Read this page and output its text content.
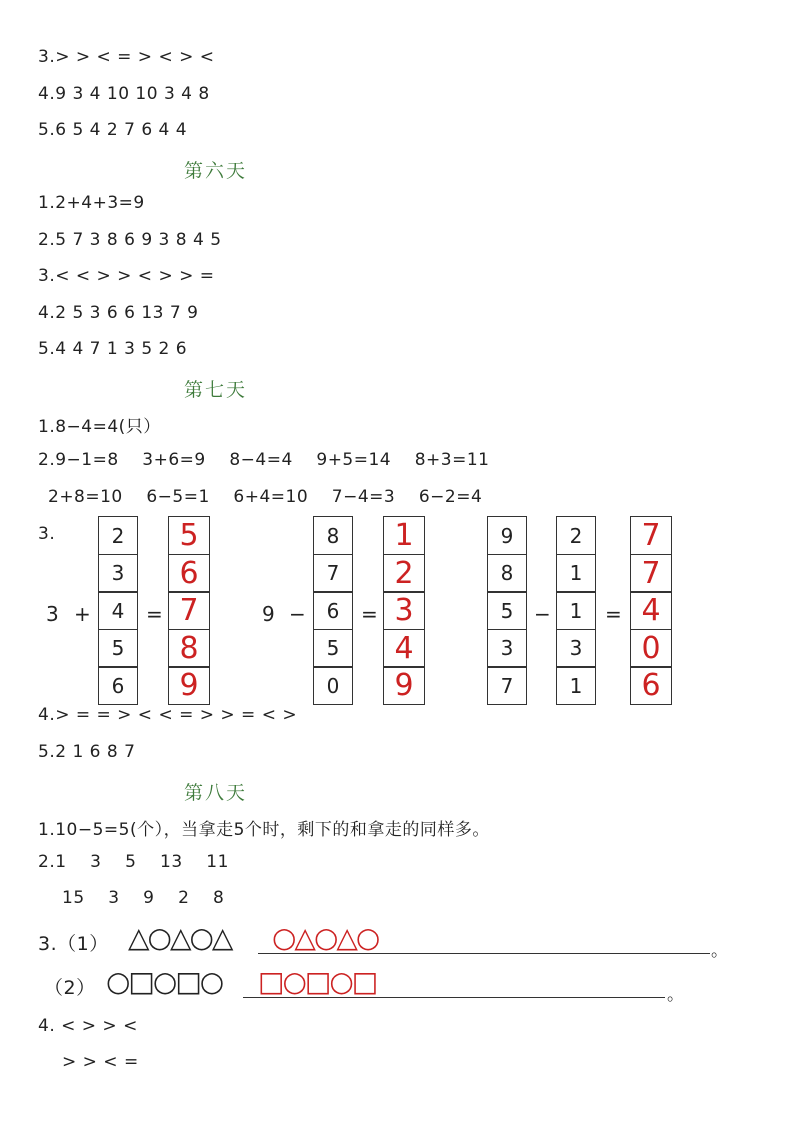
3.> > < = > < > <
4.9 3 4 10 10 3 4 8
5.6 5 4 2 7 6 4 4
第六天
1.2+4+3=9
2.5 7 3 8 6 9 3 8 4 5
3.< < > > < > > =
4.2 5 3 6 6 13 7 9
5.4 4 7 1 3 5 2 6
第七天
1.8−4=4(只）
2.9−1=8    3+6=9    8−4=4    9+5=14    8+3=11
2+8=10    6−5=1    6+4=10    7−4=3    6−2=4
3.
3 +
2
3
4
5
6
=
5
6
7
8
9
9 −
8
7
6
5
0
=
1
2
3
4
9
9
8
5
3
7
−
2
1
1
3
1
=
7
7
4
0
6
4.> = = > < < = > > = < >
5.2 1 6 8 7
第八天
1.10−5=5(个），当拿走5个时，剩下的和拿走的同样多。
2.1    3    5    13    11
15    3    9    2    8
3.（1） △○△○△ ○△○△○	。
（2） ○□○□○ □○□○□	。
4. < > > <
> > < =
